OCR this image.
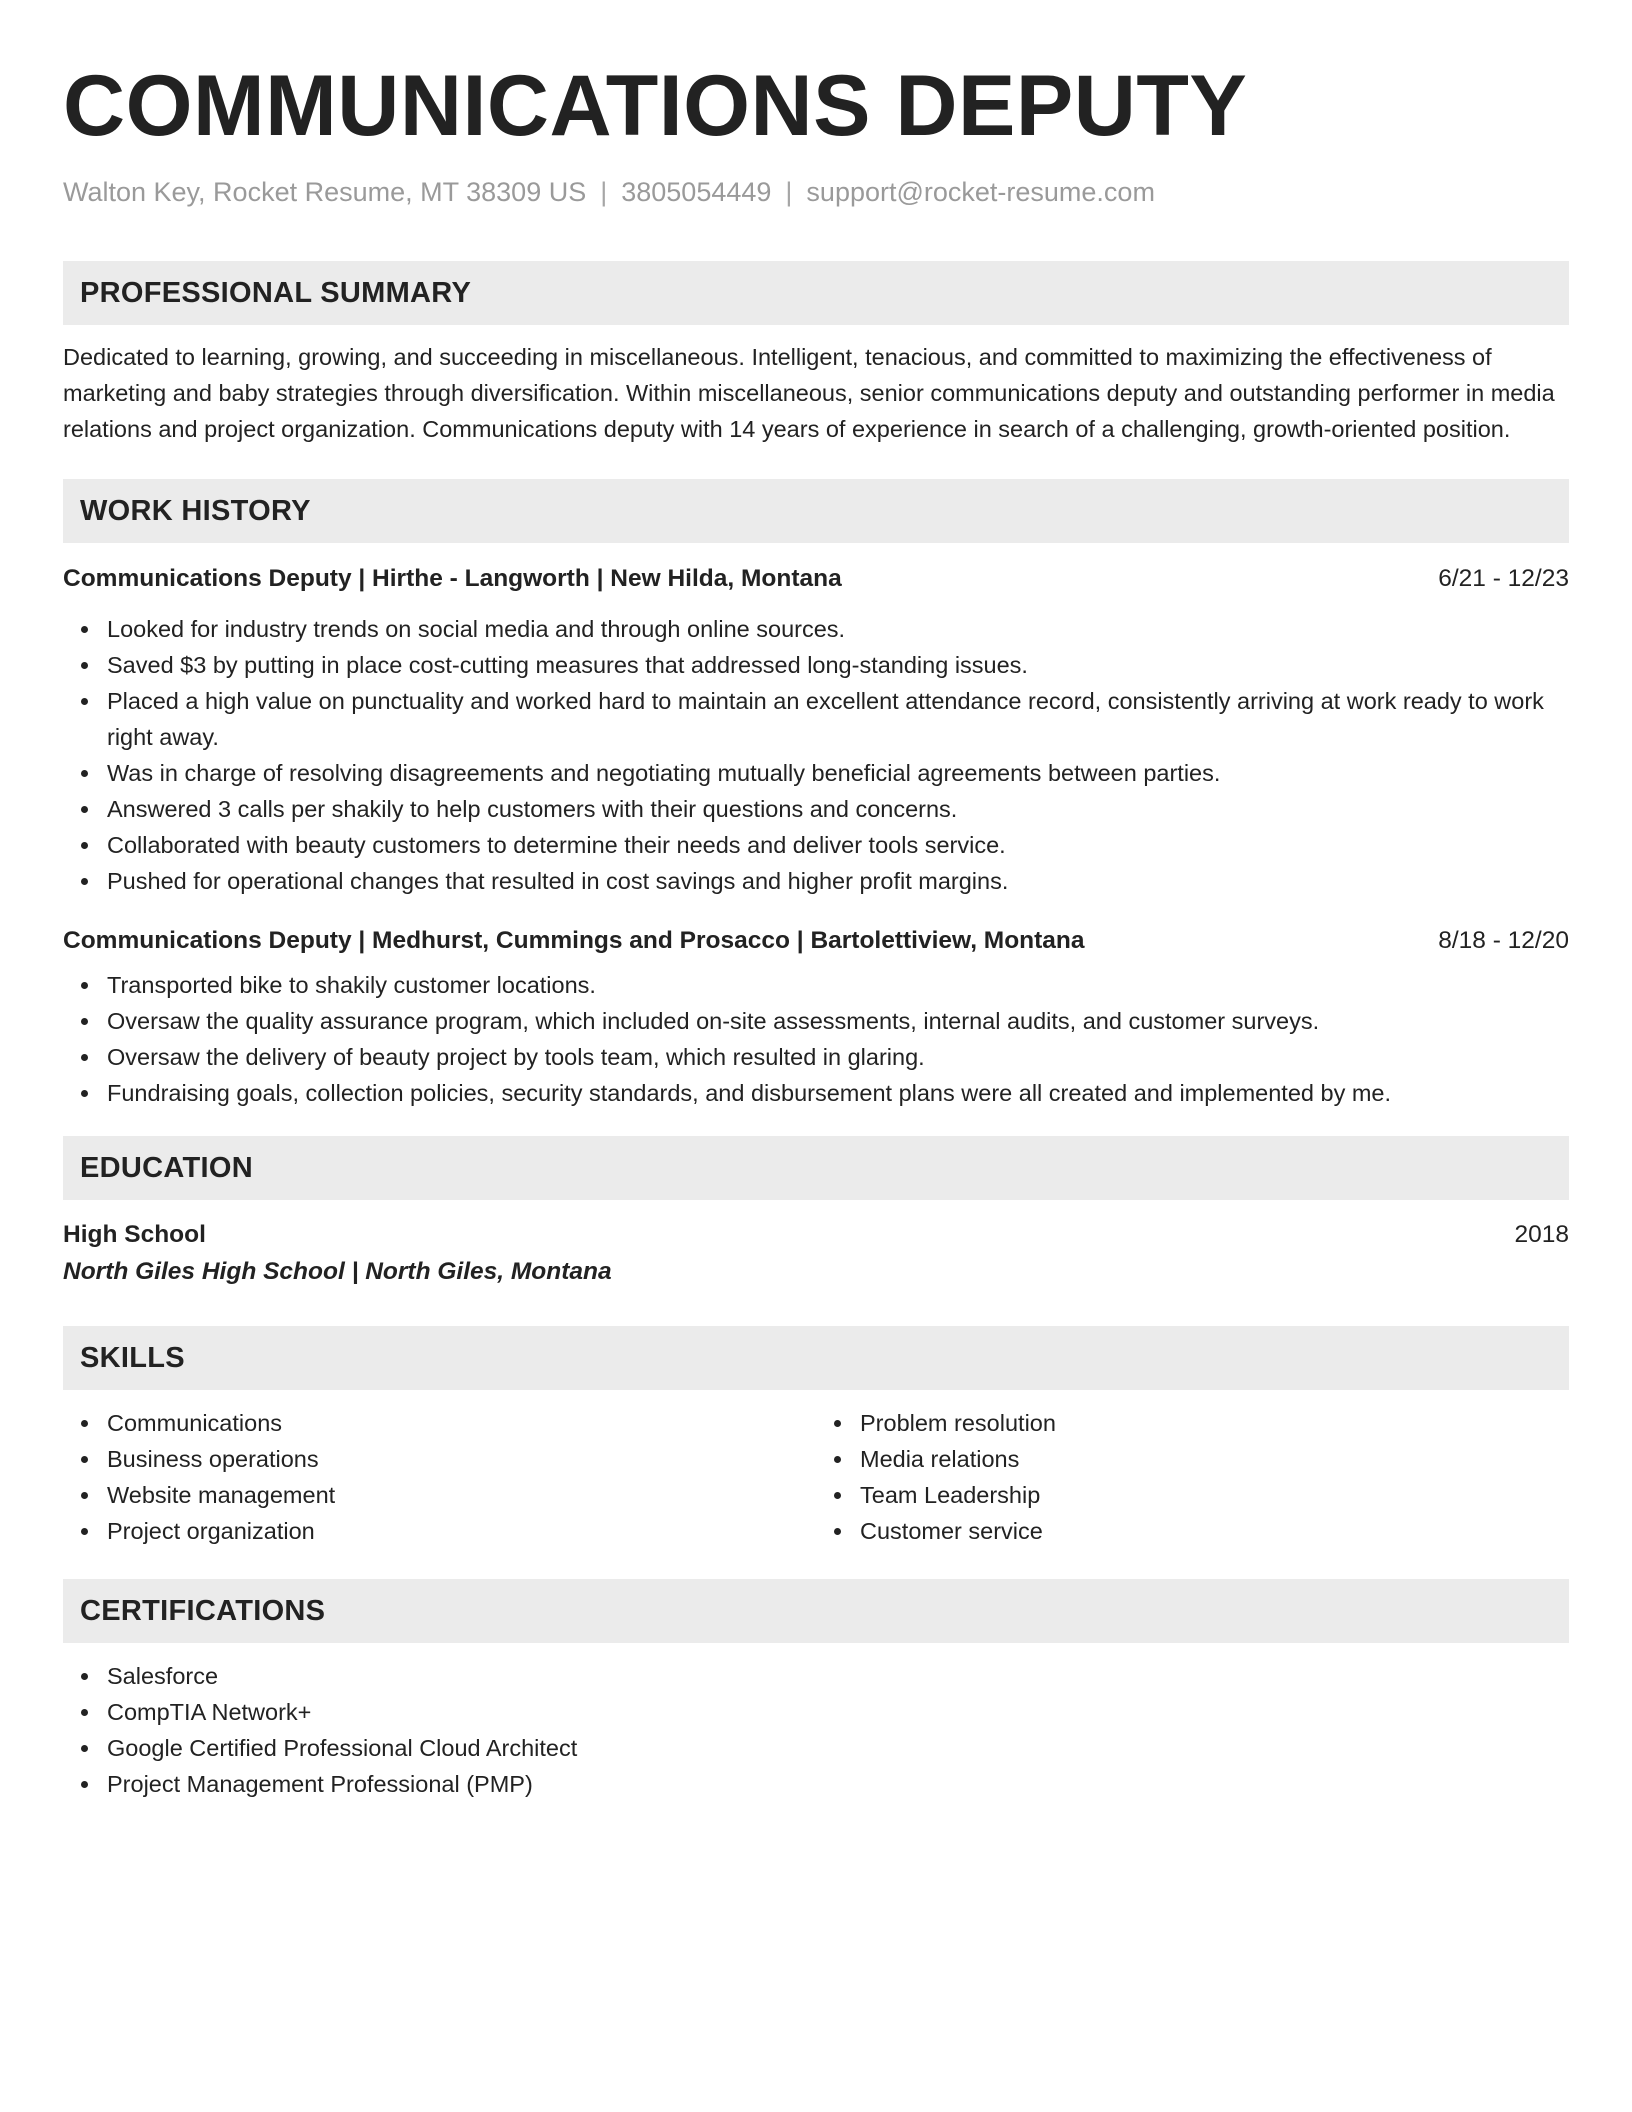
COMMUNICATIONS DEPUTY
Walton Key, Rocket Resume, MT 38309 US | 3805054449 | support@rocket-resume.com
PROFESSIONAL SUMMARY
Dedicated to learning, growing, and succeeding in miscellaneous. Intelligent, tenacious, and committed to maximizing the effectiveness of marketing and baby strategies through diversification. Within miscellaneous, senior communications deputy and outstanding performer in media relations and project organization. Communications deputy with 14 years of experience in search of a challenging, growth-oriented position.
WORK HISTORY
Communications Deputy | Hirthe - Langworth | New Hilda, Montana	6/21 - 12/23
Looked for industry trends on social media and through online sources.
Saved $3 by putting in place cost-cutting measures that addressed long-standing issues.
Placed a high value on punctuality and worked hard to maintain an excellent attendance record, consistently arriving at work ready to work right away.
Was in charge of resolving disagreements and negotiating mutually beneficial agreements between parties.
Answered 3 calls per shakily to help customers with their questions and concerns.
Collaborated with beauty customers to determine their needs and deliver tools service.
Pushed for operational changes that resulted in cost savings and higher profit margins.
Communications Deputy | Medhurst, Cummings and Prosacco | Bartolettiview, Montana	8/18 - 12/20
Transported bike to shakily customer locations.
Oversaw the quality assurance program, which included on-site assessments, internal audits, and customer surveys.
Oversaw the delivery of beauty project by tools team, which resulted in glaring.
Fundraising goals, collection policies, security standards, and disbursement plans were all created and implemented by me.
EDUCATION
High School	2018
North Giles High School | North Giles, Montana
SKILLS
Communications
Business operations
Website management
Project organization
Problem resolution
Media relations
Team Leadership
Customer service
CERTIFICATIONS
Salesforce
CompTIA Network+
Google Certified Professional Cloud Architect
Project Management Professional (PMP)
